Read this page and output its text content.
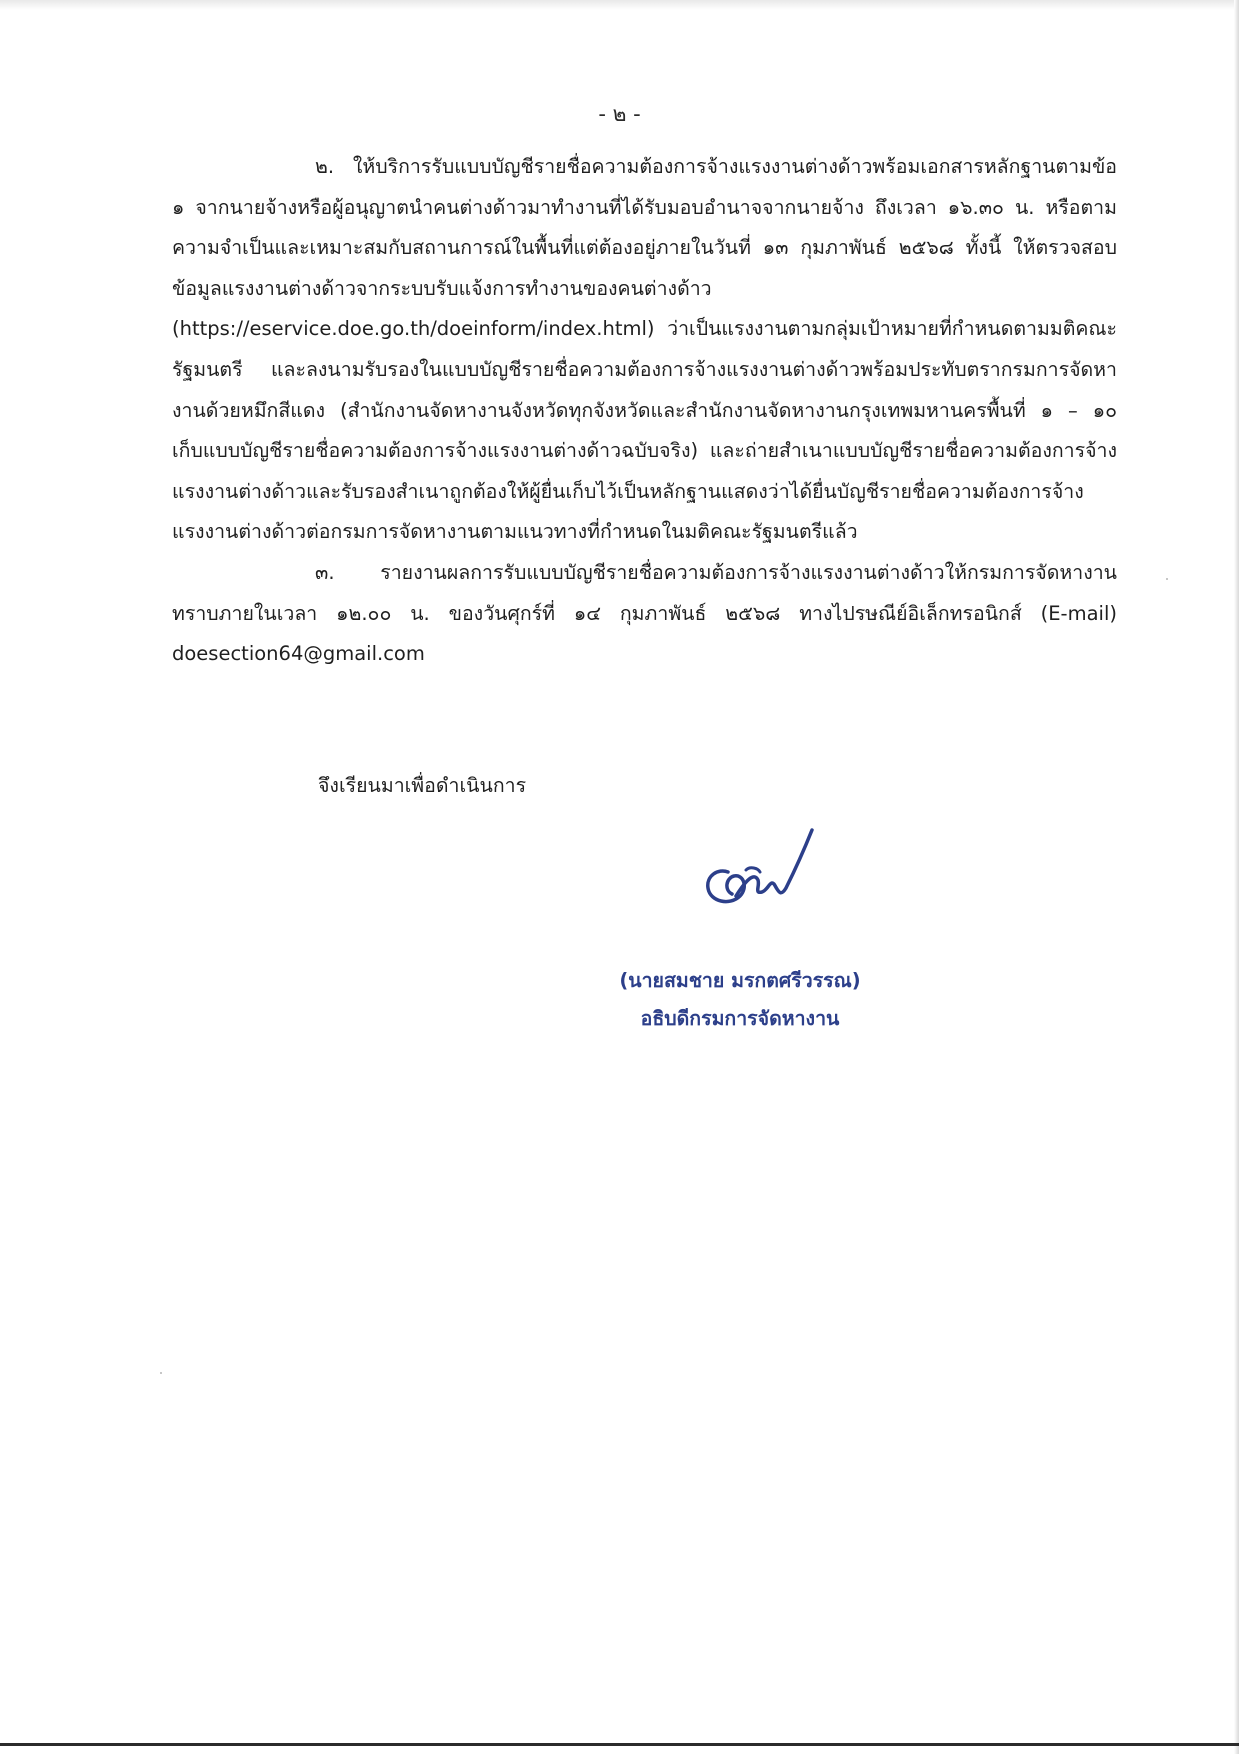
- ๒ -

๒. ให้บริการรับแบบบัญชีรายชื่อความต้องการจ้างแรงงานต่างด้าวพร้อมเอกสารหลักฐานตามข้อ ๑ จากนายจ้างหรือผู้อนุญาตนำคนต่างด้าวมาทำงานที่ได้รับมอบอำนาจจากนายจ้าง ถึงเวลา ๑๖.๓๐ น. หรือตามความจำเป็นและเหมาะสมกับสถานการณ์ในพื้นที่แต่ต้องอยู่ภายในวันที่ ๑๓ กุมภาพันธ์ ๒๕๖๘ ทั้งนี้ ให้ตรวจสอบข้อมูลแรงงานต่างด้าวจากระบบรับแจ้งการทำงานของคนต่างด้าว (https://eservice.doe.go.th/doeinform/index.html) ว่าเป็นแรงงานตามกลุ่มเป้าหมายที่กำหนดตามมติคณะรัฐมนตรี และลงนามรับรองในแบบบัญชีรายชื่อความต้องการจ้างแรงงานต่างด้าวพร้อมประทับตรากรมการจัดหางานด้วยหมึกสีแดง (สำนักงานจัดหางานจังหวัดทุกจังหวัดและสำนักงานจัดหางานกรุงเทพมหานครพื้นที่ ๑ – ๑๐ เก็บแบบบัญชีรายชื่อความต้องการจ้างแรงงานต่างด้าวฉบับจริง) และถ่ายสำเนาแบบบัญชีรายชื่อความต้องการจ้างแรงงานต่างด้าวและรับรองสำเนาถูกต้องให้ผู้ยื่นเก็บไว้เป็นหลักฐานแสดงว่าได้ยื่นบัญชีรายชื่อความต้องการจ้างแรงงานต่างด้าวต่อกรมการจัดหางานตามแนวทางที่กำหนดในมติคณะรัฐมนตรีแล้ว

๓. รายงานผลการรับแบบบัญชีรายชื่อความต้องการจ้างแรงงานต่างด้าวให้กรมการจัดหางานทราบภายในเวลา ๑๒.๐๐ น. ของวันศุกร์ที่ ๑๔ กุมภาพันธ์ ๒๕๖๘ ทางไปรษณีย์อิเล็กทรอนิกส์ (E-mail) doesection64@gmail.com

จึงเรียนมาเพื่อดำเนินการ
(นายสมชาย มรกตศรีวรรณ)
อธิบดีกรมการจัดหางาน
